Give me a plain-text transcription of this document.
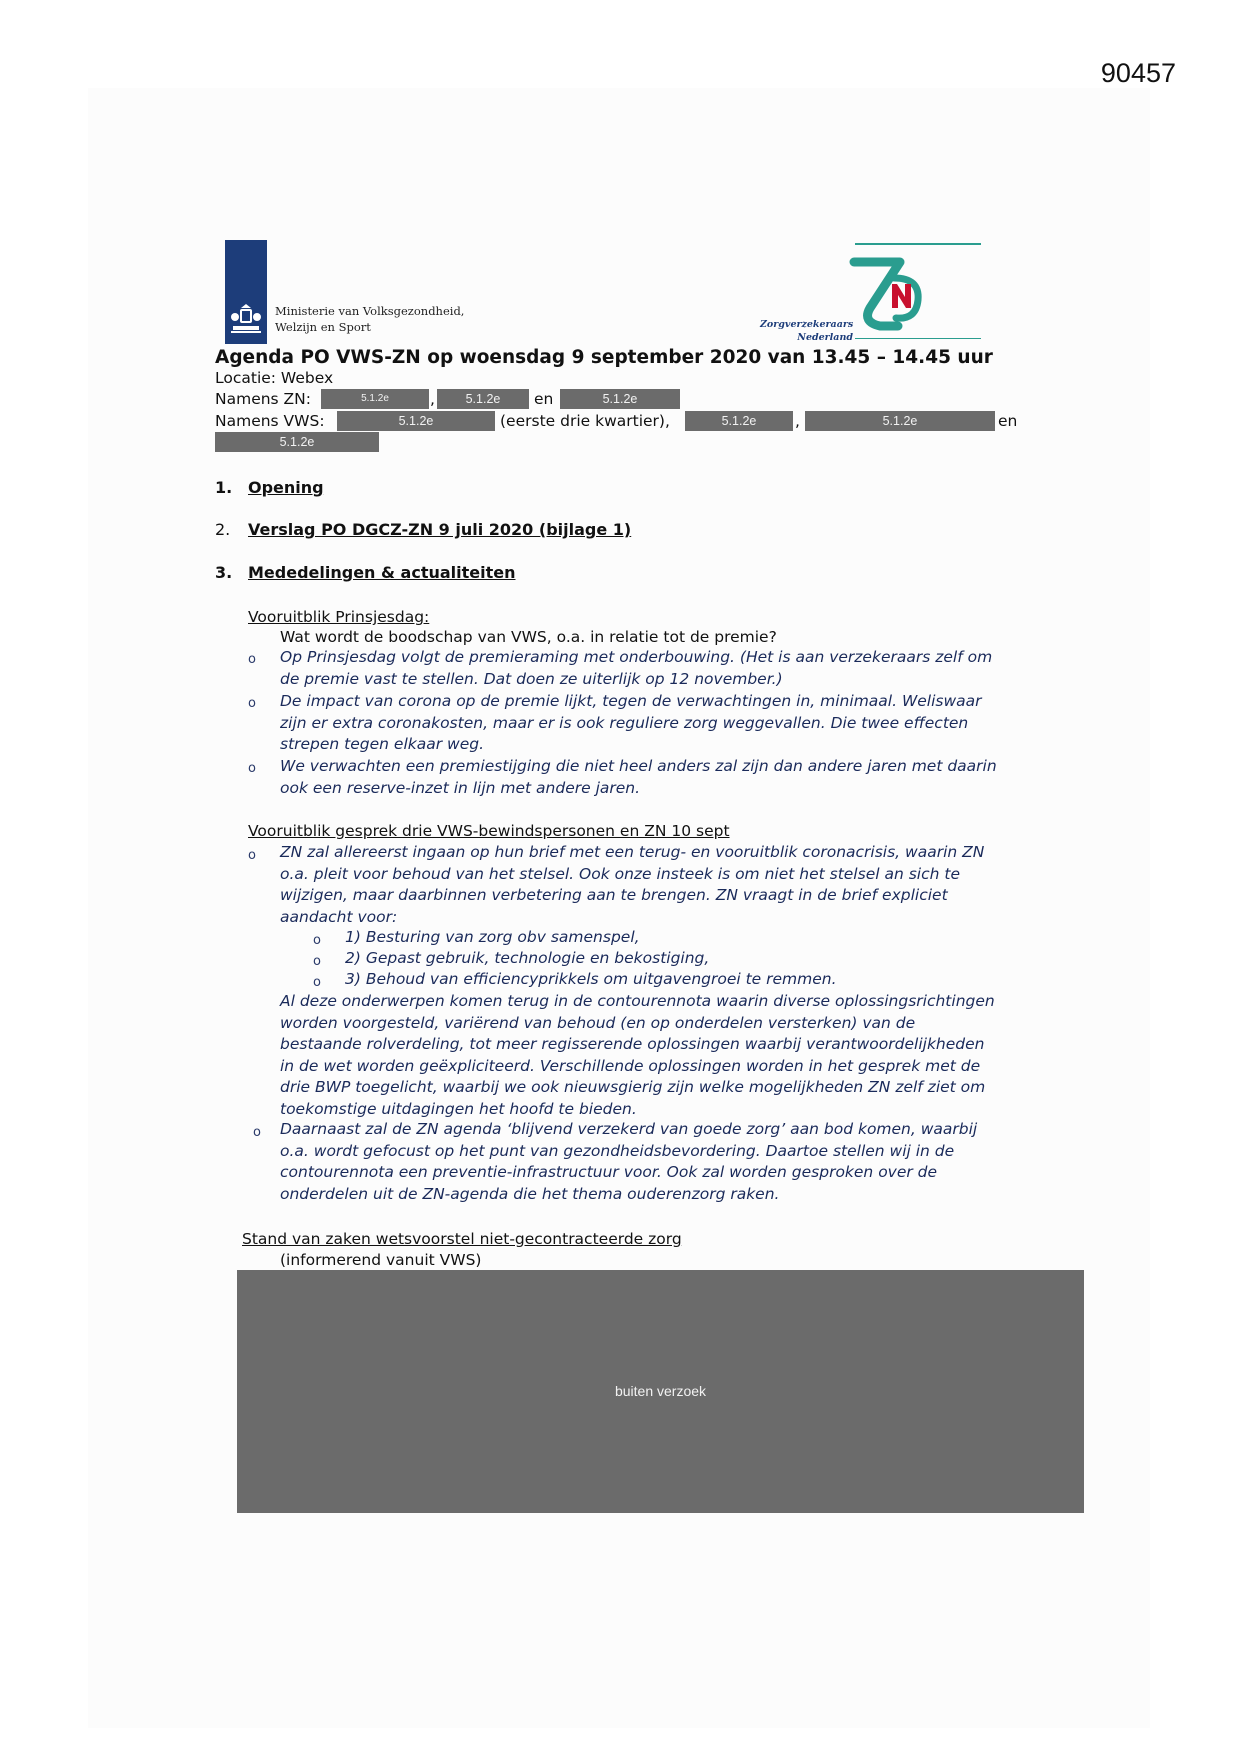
90457
Ministerie van Volksgezondheid,
Welzijn en Sport	Zorgverzekeraars
Nederland
Agenda PO VWS-ZN op woensdag 9 september 2020 van 13.45 – 14.45 uur
Locatie: Webex
Namens ZN:	5.1.2e	,	5.1.2e	en	5.1.2e
Namens VWS:	5.1.2e	(eerste drie kwartier),	5.1.2e	,	5.1.2e	en
5.1.2e
1. Opening
2. Verslag PO DGCZ-ZN 9 juli 2020 (bijlage 1)
3. Mededelingen & actualiteiten
Vooruitblik Prinsjesdag:
Wat wordt de boodschap van VWS, o.a. in relatie tot de premie?
o Op Prinsjesdag volgt de premieraming met onderbouwing. (Het is aan verzekeraars zelf om
de premie vast te stellen. Dat doen ze uiterlijk op 12 november.)
o De impact van corona op de premie lijkt, tegen de verwachtingen in, minimaal. Weliswaar
zijn er extra coronakosten, maar er is ook reguliere zorg weggevallen. Die twee effecten
strepen tegen elkaar weg.
o We verwachten een premiestijging die niet heel anders zal zijn dan andere jaren met daarin
ook een reserve-inzet in lijn met andere jaren.
Vooruitblik gesprek drie VWS-bewindspersonen en ZN 10 sept
o ZN zal allereerst ingaan op hun brief met een terug- en vooruitblik coronacrisis, waarin ZN
o.a. pleit voor behoud van het stelsel. Ook onze insteek is om niet het stelsel an sich te
wijzigen, maar daarbinnen verbetering aan te brengen. ZN vraagt in de brief expliciet
aandacht voor:
o 1) Besturing van zorg obv samenspel,
o 2) Gepast gebruik, technologie en bekostiging,
o 3) Behoud van efficiencyprikkels om uitgavengroei te remmen.
Al deze onderwerpen komen terug in de contourennota waarin diverse oplossingsrichtingen
worden voorgesteld, variërend van behoud (en op onderdelen versterken) van de
bestaande rolverdeling, tot meer regisserende oplossingen waarbij verantwoordelijkheden
in de wet worden geëxpliciteerd. Verschillende oplossingen worden in het gesprek met de
drie BWP toegelicht, waarbij we ook nieuwsgierig zijn welke mogelijkheden ZN zelf ziet om
toekomstige uitdagingen het hoofd te bieden.
o Daarnaast zal de ZN agenda ‘blijvend verzekerd van goede zorg’ aan bod komen, waarbij
o.a. wordt gefocust op het punt van gezondheidsbevordering. Daartoe stellen wij in de
contourennota een preventie-infrastructuur voor. Ook zal worden gesproken over de
onderdelen uit de ZN-agenda die het thema ouderenzorg raken.
Stand van zaken wetsvoorstel niet-gecontracteerde zorg
(informerend vanuit VWS)
buiten verzoek
